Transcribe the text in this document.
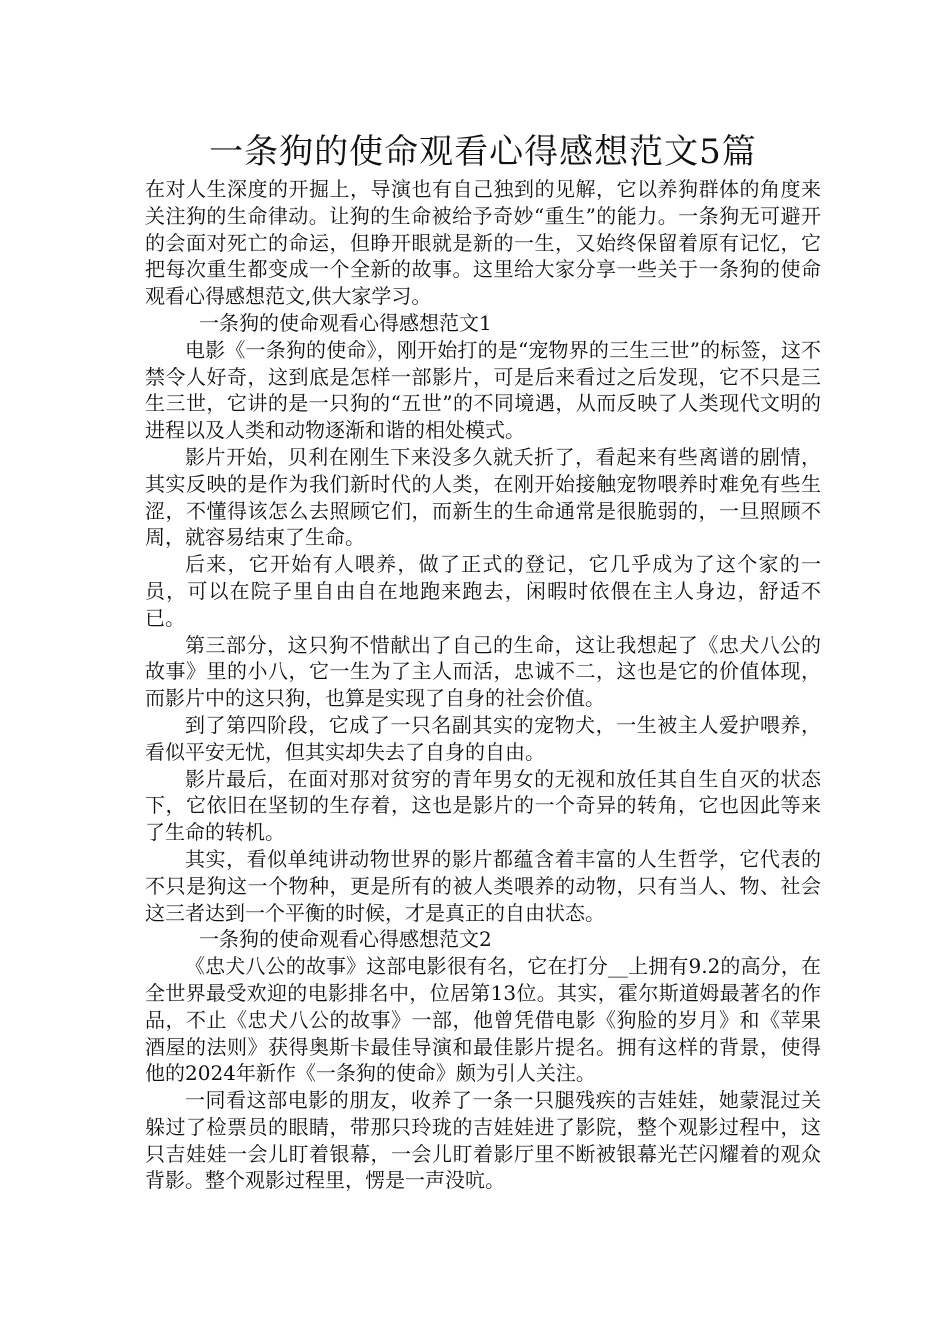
一条狗的使命观看心得感想范文5篇

在对人生深度的开掘上，导演也有自己独到的见解，它以养狗群体的角度来关注狗的生命律动。让狗的生命被给予奇妙“重生”的能力。一条狗无可避开的会面对死亡的命运，但睁开眼就是新的一生，又始终保留着原有记忆，它把每次重生都变成一个全新的故事。这里给大家分享一些关于一条狗的使命观看心得感想范文,供大家学习。

一条狗的使命观看心得感想范文1

电影《一条狗的使命》，刚开始打的是“宠物界的三生三世”的标签，这不禁令人好奇，这到底是怎样一部影片，可是后来看过之后发现，它不只是三生三世，它讲的是一只狗的“五世”的不同境遇，从而反映了人类现代文明的进程以及人类和动物逐渐和谐的相处模式。

影片开始，贝利在刚生下来没多久就夭折了，看起来有些离谱的剧情，其实反映的是作为我们新时代的人类，在刚开始接触宠物喂养时难免有些生涩，不懂得该怎么去照顾它们，而新生的生命通常是很脆弱的，一旦照顾不周，就容易结束了生命。

后来，它开始有人喂养，做了正式的登记，它几乎成为了这个家的一员，可以在院子里自由自在地跑来跑去，闲暇时依偎在主人身边，舒适不已。

第三部分，这只狗不惜献出了自己的生命，这让我想起了《忠犬八公的故事》里的小八，它一生为了主人而活，忠诚不二，这也是它的价值体现，而影片中的这只狗，也算是实现了自身的社会价值。

到了第四阶段，它成了一只名副其实的宠物犬，一生被主人爱护喂养，看似平安无忧，但其实却失去了自身的自由。

影片最后，在面对那对贫穷的青年男女的无视和放任其自生自灭的状态下，它依旧在坚韧的生存着，这也是影片的一个奇异的转角，它也因此等来了生命的转机。

其实，看似单纯讲动物世界的影片都蕴含着丰富的人生哲学，它代表的不只是狗这一个物种，更是所有的被人类喂养的动物，只有当人、物、社会这三者达到一个平衡的时候，才是真正的自由状态。

一条狗的使命观看心得感想范文2

《忠犬八公的故事》这部电影很有名，它在打分__上拥有9.2的高分，在全世界最受欢迎的电影排名中，位居第13位。其实，霍尔斯道姆最著名的作品，不止《忠犬八公的故事》一部，他曾凭借电影《狗脸的岁月》和《苹果酒屋的法则》获得奥斯卡最佳导演和最佳影片提名。拥有这样的背景，使得他的2024年新作《一条狗的使命》颇为引人关注。

一同看这部电影的朋友，收养了一条一只腿残疾的吉娃娃，她蒙混过关躲过了检票员的眼睛，带那只玲珑的吉娃娃进了影院，整个观影过程中，这只吉娃娃一会儿盯着银幕，一会儿盯着影厅里不断被银幕光芒闪耀着的观众背影。整个观影过程里，愣是一声没吭。
